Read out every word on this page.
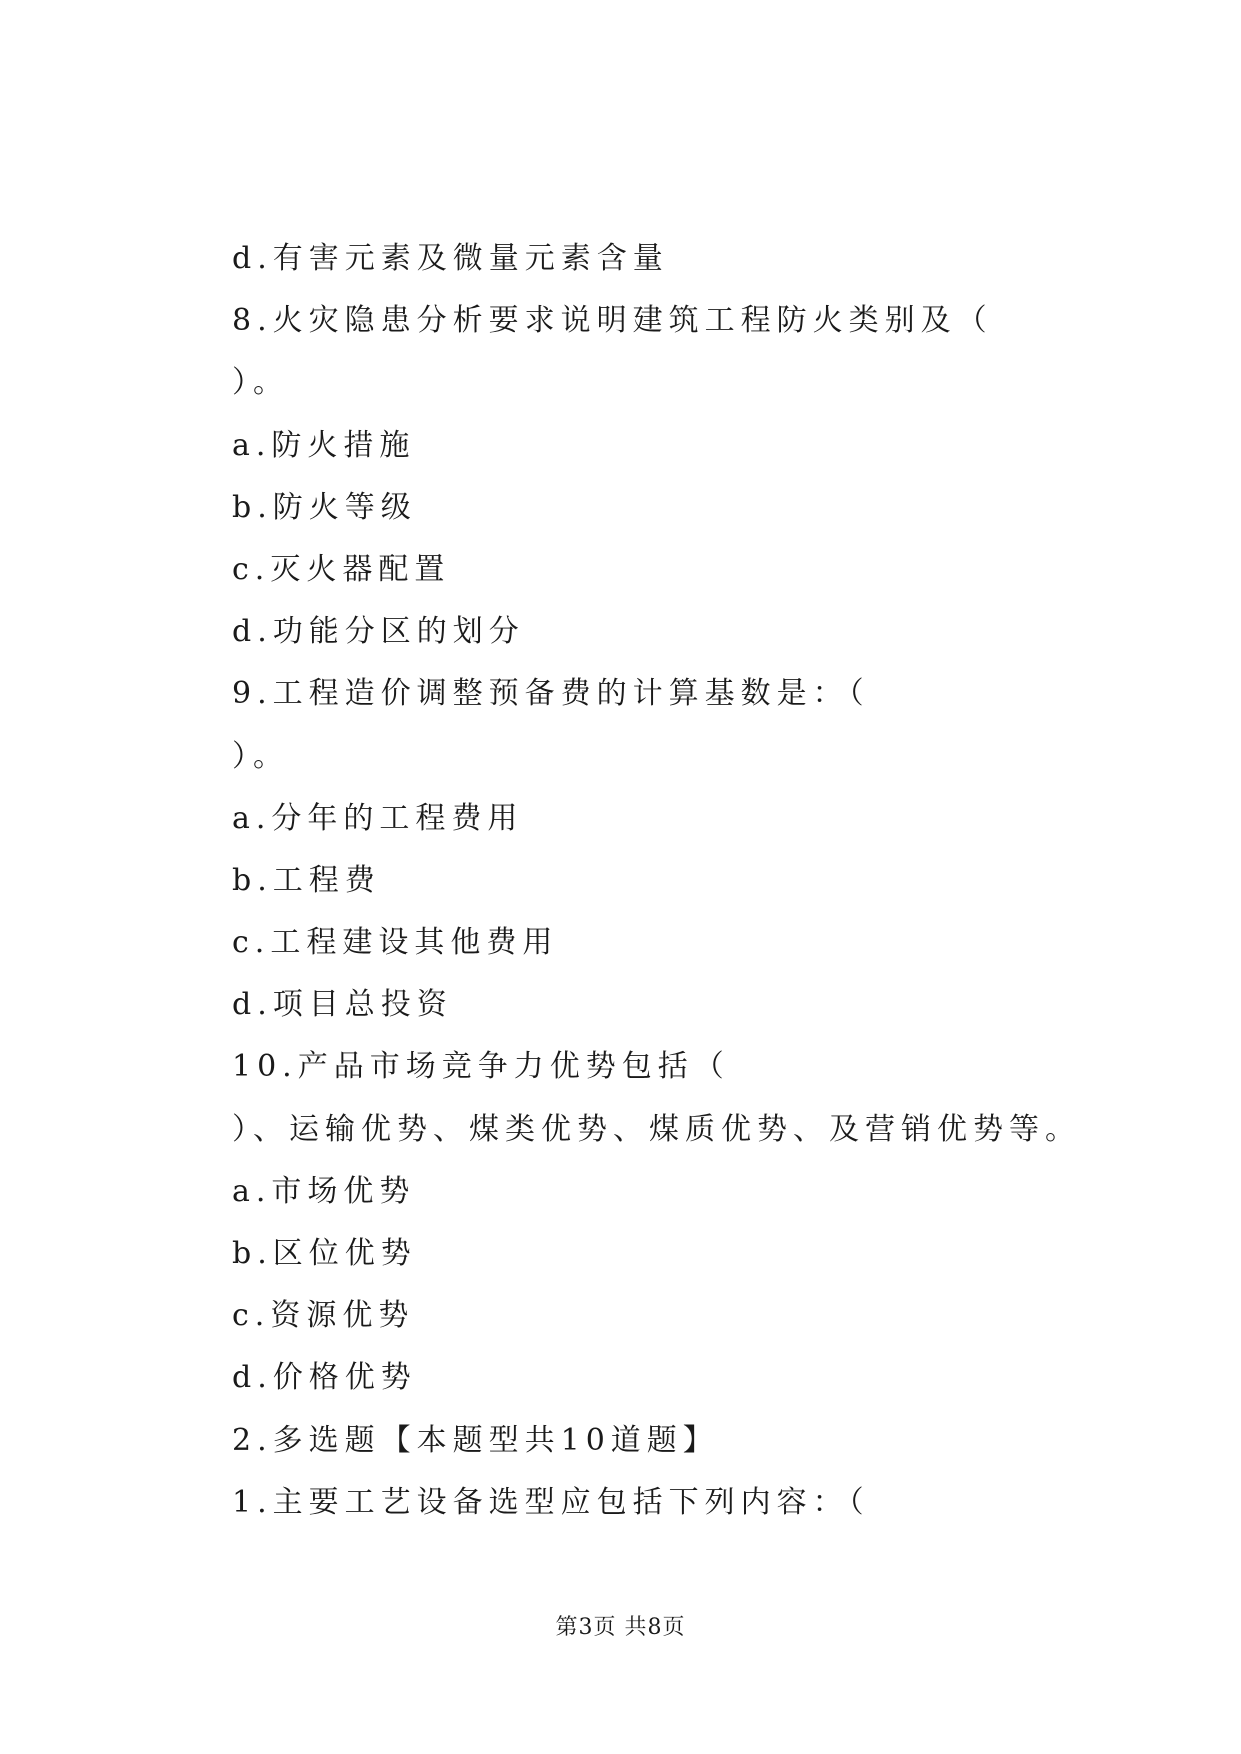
d.有害元素及微量元素含量

8.火灾隐患分析要求说明建筑工程防火类别及（

）。

a.防火措施

b.防火等级

c.灭火器配置

d.功能分区的划分

9.工程造价调整预备费的计算基数是：（

）。

a.分年的工程费用

b.工程费

c.工程建设其他费用

d.项目总投资

10.产品市场竞争力优势包括（

）、运输优势、煤类优势、煤质优势、及营销优势等。

a.市场优势

b.区位优势

c.资源优势

d.价格优势

2.多选题【本题型共10道题】

1.主要工艺设备选型应包括下列内容：（

第3页 共8页
